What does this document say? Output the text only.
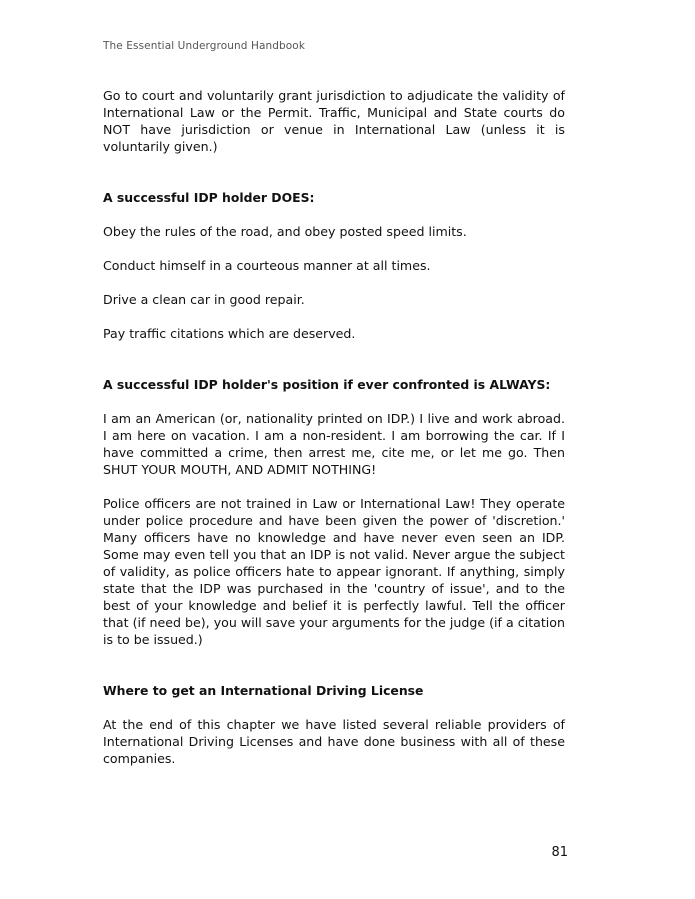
The Essential Underground Handbook

Go to court and voluntarily grant jurisdiction to adjudicate the validity of International Law or the Permit. Traffic, Municipal and State courts do NOT have jurisdiction or venue in International Law (unless it is voluntarily given.)

A successful IDP holder DOES:

Obey the rules of the road, and obey posted speed limits.

Conduct himself in a courteous manner at all times.

Drive a clean car in good repair.

Pay traffic citations which are deserved.

A successful IDP holder's position if ever confronted is ALWAYS:

I am an American (or, nationality printed on IDP.) I live and work abroad. I am here on vacation. I am a non-resident. I am borrowing the car. If I have committed a crime, then arrest me, cite me, or let me go. Then SHUT YOUR MOUTH, AND ADMIT NOTHING!

Police officers are not trained in Law or International Law! They operate under police procedure and have been given the power of 'discretion.' Many officers have no knowledge and have never even seen an IDP. Some may even tell you that an IDP is not valid. Never argue the subject of validity, as police officers hate to appear ignorant. If anything, simply state that the IDP was purchased in the 'country of issue', and to the best of your knowledge and belief it is perfectly lawful. Tell the officer that (if need be), you will save your arguments for the judge (if a citation is to be issued.)

Where to get an International Driving License

At the end of this chapter we have listed several reliable providers of International Driving Licenses and have done business with all of these companies.

81
